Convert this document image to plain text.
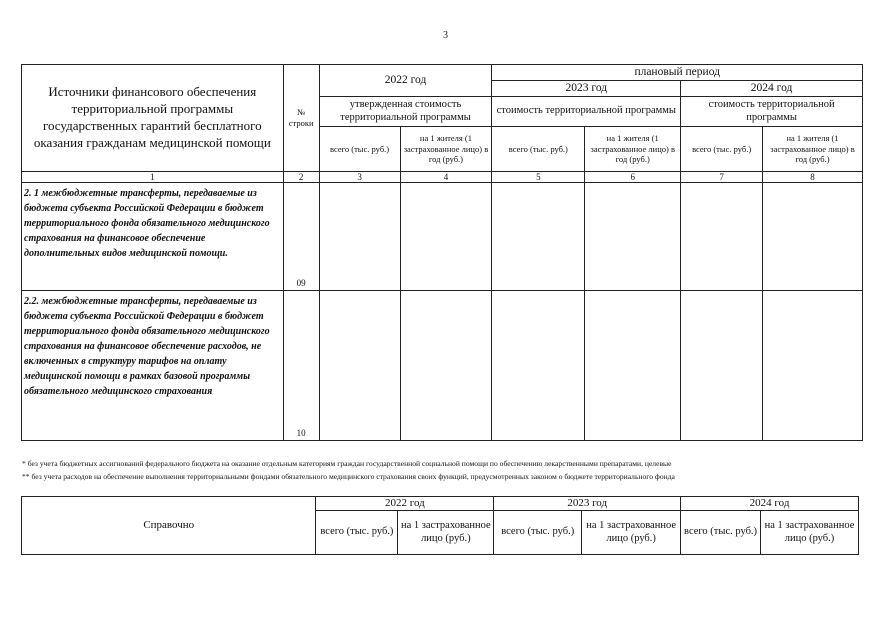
3
Источники финансового обеспечения территориальной программы государственных гарантий бесплатного оказания гражданам медицинской помощи	№ строки	2022 год		плановый период			
				2023 год		2024 год	
		утвержденная стоимость территориальной программы		стоимость территориальной программы		стоимость территориальной программы	
		всего (тыс. руб.)	на 1 жителя (1 застрахованное лицо) в год (руб.)	всего (тыс. руб.)	на 1 жителя (1 застрахованное лицо) в год (руб.)	всего (тыс. руб.)	на 1 жителя (1 застрахованное лицо) в год (руб.)
1	2	3	4	5	6	7	8
2. 1 межбюджетные трансферты, передаваемые из бюджета субъекта Российской Федерации в бюджет территориального фонда обязательного медицинского страхования на финансовое обеспечение дополнительных видов медицинской помощи.	09						
2.2. межбюджетные трансферты, передаваемые из бюджета субъекта Российской Федерации в бюджет территориального фонда обязательного медицинского страхования на финансовое обеспечение расходов, не включенных в структуру тарифов на оплату медицинской помощи в рамках базовой программы обязательного медицинского страхования	10						
* без учета бюджетных ассигнований федерального бюджета на оказание отдельным категориям граждан государственной социальной помощи по обеспечению лекарственными препаратами, целевые
** без учета расходов на обеспечение выполнения территориальными фондами обязательного медицинского страхования своих функций, предусмотренных законом о бюджете территориального фонда
Справочно	2022 год		2023 год		2024 год	
	всего (тыс. руб.)	на 1 застрахованное лицо (руб.)	всего (тыс. руб.)	на 1 застрахованное лицо (руб.)	всего (тыс. руб.)	на 1 застрахованное лицо (руб.)
